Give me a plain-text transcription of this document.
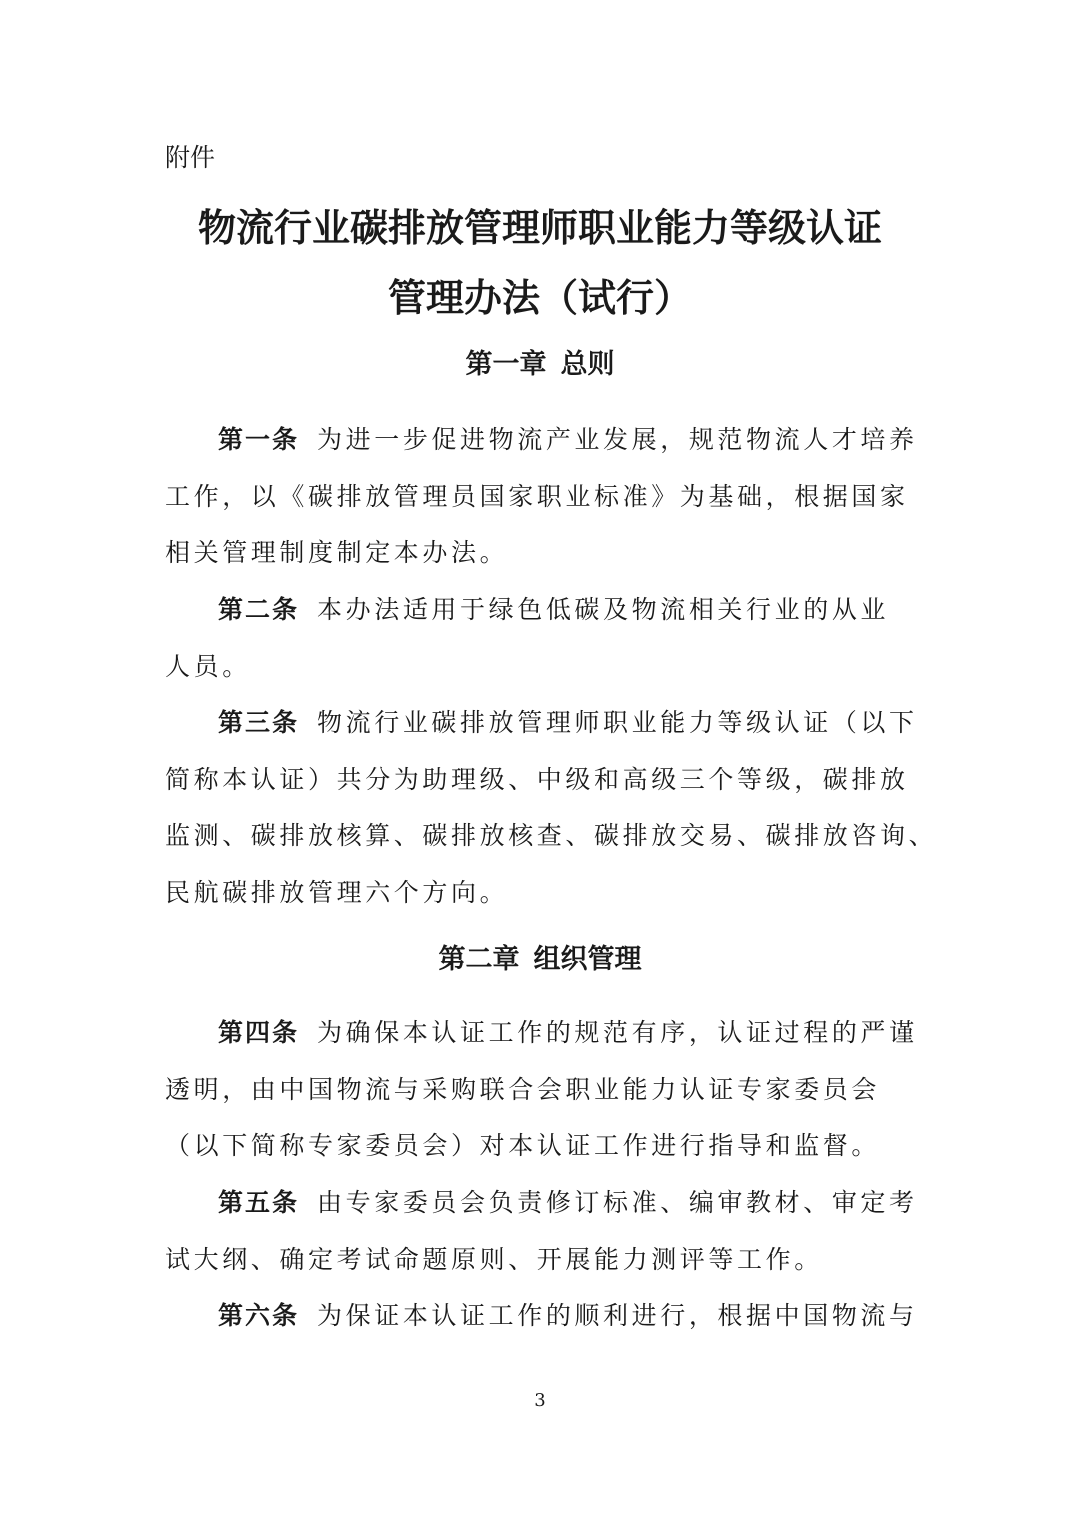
附件
物流行业碳排放管理师职业能力等级认证
管理办法（试行）
第一章 总则
第一条 为进一步促进物流产业发展，规范物流人才培养
工作，以《碳排放管理员国家职业标准》为基础，根据国家
相关管理制度制定本办法。
第二条 本办法适用于绿色低碳及物流相关行业的从业
人员。
第三条 物流行业碳排放管理师职业能力等级认证（以下
简称本认证）共分为助理级、中级和高级三个等级，碳排放
监测、碳排放核算、碳排放核查、碳排放交易、碳排放咨询、
民航碳排放管理六个方向。
第二章 组织管理
第四条 为确保本认证工作的规范有序，认证过程的严谨
透明，由中国物流与采购联合会职业能力认证专家委员会
（以下简称专家委员会）对本认证工作进行指导和监督。
第五条 由专家委员会负责修订标准、编审教材、审定考
试大纲、确定考试命题原则、开展能力测评等工作。
第六条 为保证本认证工作的顺利进行，根据中国物流与
3
